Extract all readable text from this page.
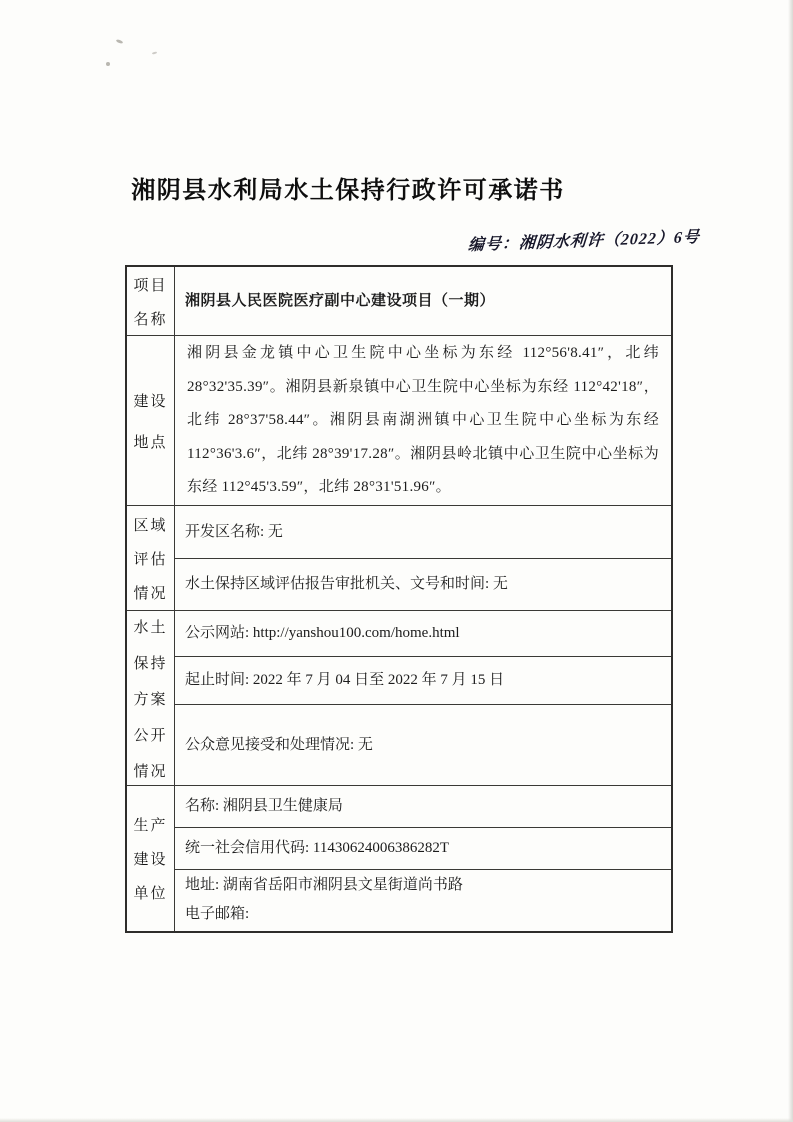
湘阴县水利局水土保持行政许可承诺书
编号：湘阴水利许（2022）6号
项目
名称
湘阴县人民医院医疗副中心建设项目（一期）
建设
地点
湘阴县金龙镇中心卫生院中心坐标为东经 112°56'8.41″，北纬 28°32'35.39″。湘阴县新泉镇中心卫生院中心坐标为东经 112°42'18″，北纬 28°37'58.44″。湘阴县南湖洲镇中心卫生院中心坐标为东经 112°36'3.6″，北纬 28°39'17.28″。湘阴县岭北镇中心卫生院中心坐标为东经 112°45'3.59″，北纬 28°31'51.96″。
区域
评估
情况
开发区名称: 无
水土保持区域评估报告审批机关、文号和时间: 无
水土
保持
方案
公开
情况
公示网站: http://yanshou100.com/home.html
起止时间: 2022 年 7 月 04 日至 2022 年 7 月 15 日
公众意见接受和处理情况: 无
生产
建设
单位
名称: 湘阴县卫生健康局
统一社会信用代码: 11430624006386282T
地址: 湖南省岳阳市湘阴县文星街道尚书路
电子邮箱:
